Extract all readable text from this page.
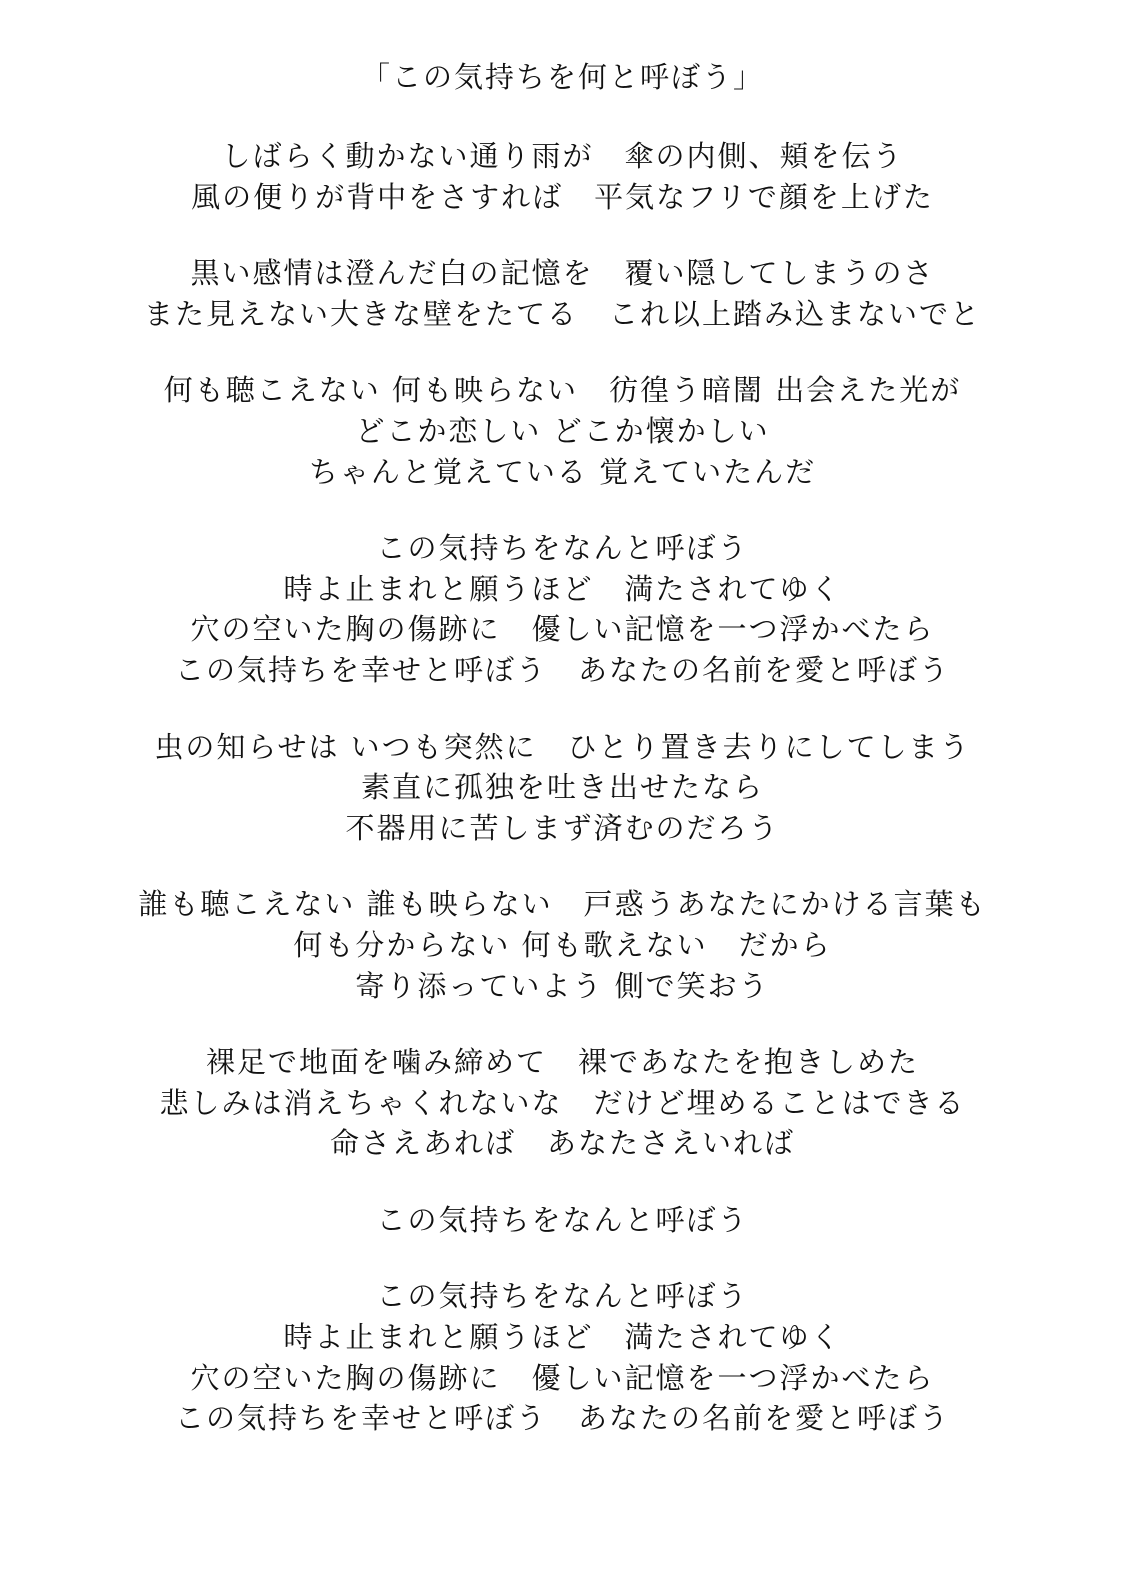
「この気持ちを何と呼ぼう」
しばらく動かない通り雨が　傘の内側、頬を伝う
風の便りが背中をさすれば　平気なフリで顔を上げた
黒い感情は澄んだ白の記憶を　覆い隠してしまうのさ
また見えない大きな壁をたてる　これ以上踏み込まないでと
何も聴こえない 何も映らない　彷徨う暗闇 出会えた光が
どこか恋しい どこか懐かしい
ちゃんと覚えている 覚えていたんだ
この気持ちをなんと呼ぼう
時よ止まれと願うほど　満たされてゆく
穴の空いた胸の傷跡に　優しい記憶を一つ浮かべたら
この気持ちを幸せと呼ぼう　あなたの名前を愛と呼ぼう
虫の知らせは いつも突然に　ひとり置き去りにしてしまう
素直に孤独を吐き出せたなら
不器用に苦しまず済むのだろう
誰も聴こえない 誰も映らない　戸惑うあなたにかける言葉も
何も分からない 何も歌えない　だから
寄り添っていよう 側で笑おう
裸足で地面を噛み締めて　裸であなたを抱きしめた
悲しみは消えちゃくれないな　だけど埋めることはできる
命さえあれば　あなたさえいれば
この気持ちをなんと呼ぼう
この気持ちをなんと呼ぼう
時よ止まれと願うほど　満たされてゆく
穴の空いた胸の傷跡に　優しい記憶を一つ浮かべたら
この気持ちを幸せと呼ぼう　あなたの名前を愛と呼ぼう
